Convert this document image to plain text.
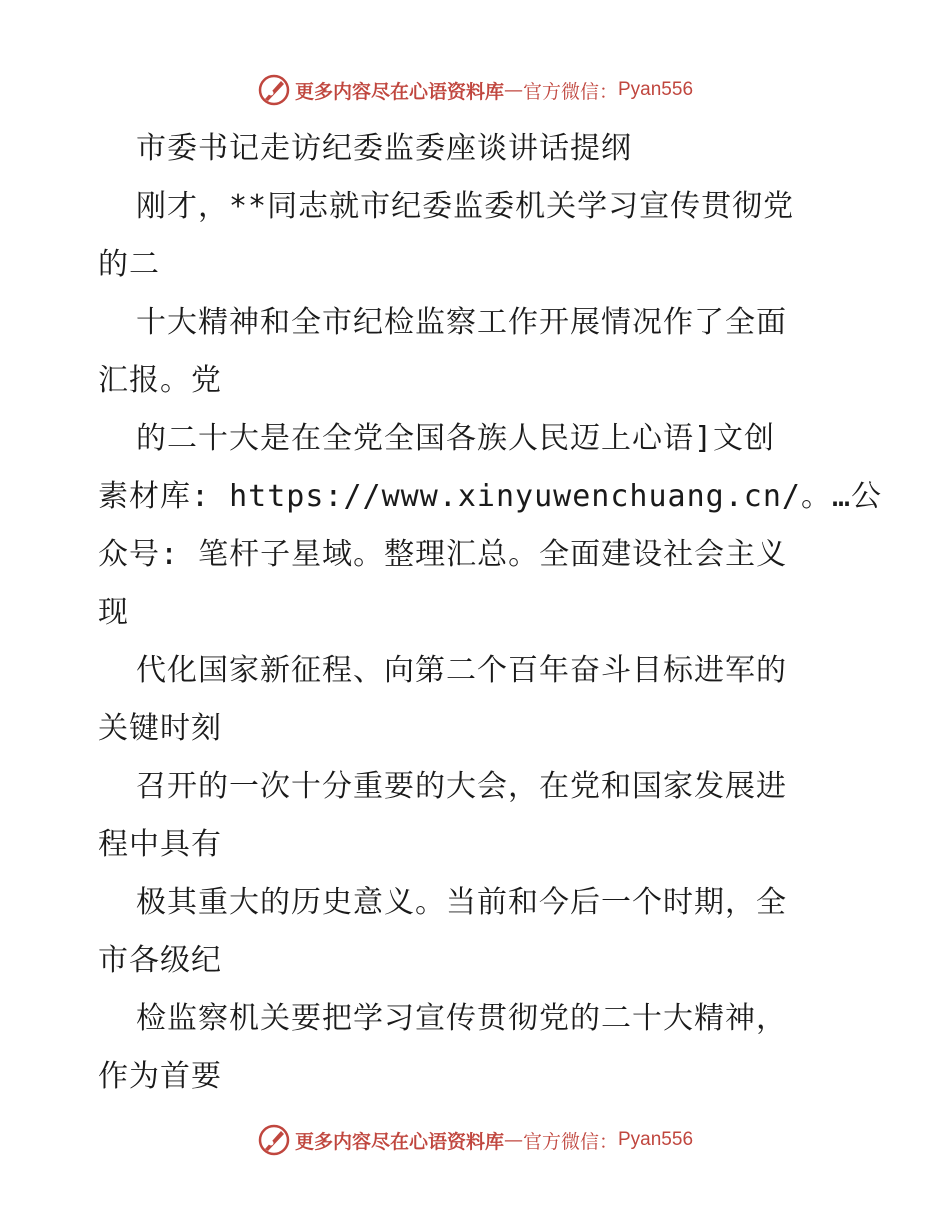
更多内容尽在心语资料库 — 官方微信： Pyan556
市委书记走访纪委监委座谈讲话提纲
刚才，**同志就市纪委监委机关学习宣传贯彻党
的二
十大精神和全市纪检监察工作开展情况作了全面
汇报。党
的二十大是在全党全国各族人民迈上心语]文创
素材库: https://www.xinyuwenchuang.cn/。…公
众号: 笔杆子星域。整理汇总。全面建设社会主义
现
代化国家新征程、向第二个百年奋斗目标进军的
关键时刻
召开的一次十分重要的大会，在党和国家发展进
程中具有
极其重大的历史意义。当前和今后一个时期，全
市各级纪
检监察机关要把学习宣传贯彻党的二十大精神，
作为首要
更多内容尽在心语资料库 — 官方微信： Pyan556
